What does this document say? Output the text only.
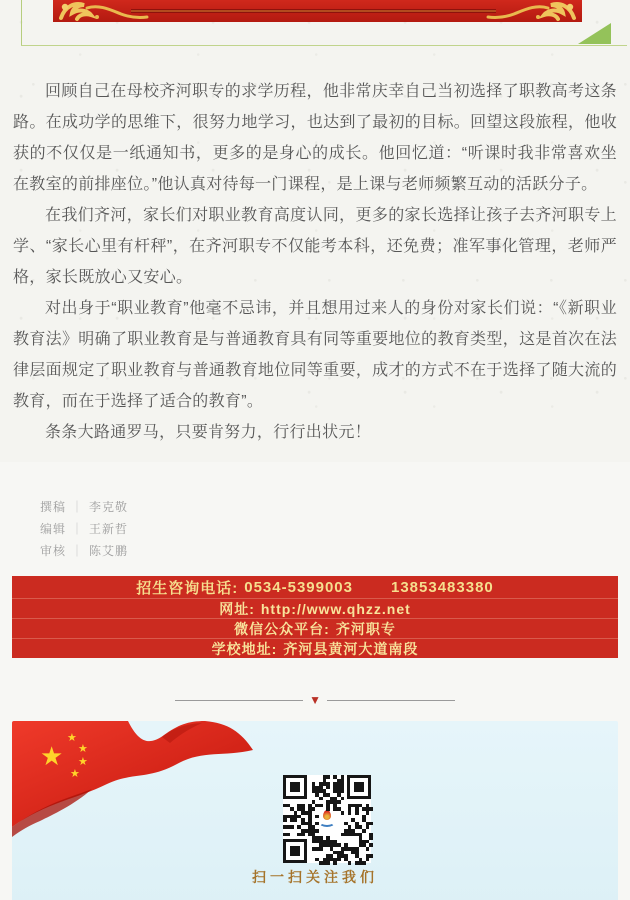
回顾自己在母校齐河职专的求学历程，他非常庆幸自己当初选择了职教高考这条路。在成功学的思维下，很努力地学习，也达到了最初的目标。回望这段旅程，他收获的不仅仅是一纸通知书，更多的是身心的成长。他回忆道：“听课时我非常喜欢坐在教室的前排座位。”他认真对待每一门课程，是上课与老师频繁互动的活跃分子。

在我们齐河，家长们对职业教育高度认同，更多的家长选择让孩子去齐河职专上学、“家长心里有杆秤”，在齐河职专不仅能考本科，还免费；准军事化管理，老师严格，家长既放心又安心。

对出身于“职业教育”他毫不忌讳，并且想用过来人的身份对家长们说：“《新职业教育法》明确了职业教育是与普通教育具有同等重要地位的教育类型，这是首次在法律层面规定了职业教育与普通教育地位同等重要，成才的方式不在于选择了随大流的教育，而在于选择了适合的教育”。

条条大路通罗马，只要肯努力，行行出状元！

撰稿 ｜ 李克敬
编辑 ｜ 王新哲
审核 ｜ 陈艾鹏
招生咨询电话: 0534-5399003	13853483380
网址: http://www.qhzz.net
微信公众平台: 齐河职专
学校地址: 齐河县黄河大道南段
▼
★
★
★
★
★
扫一扫关注我们
